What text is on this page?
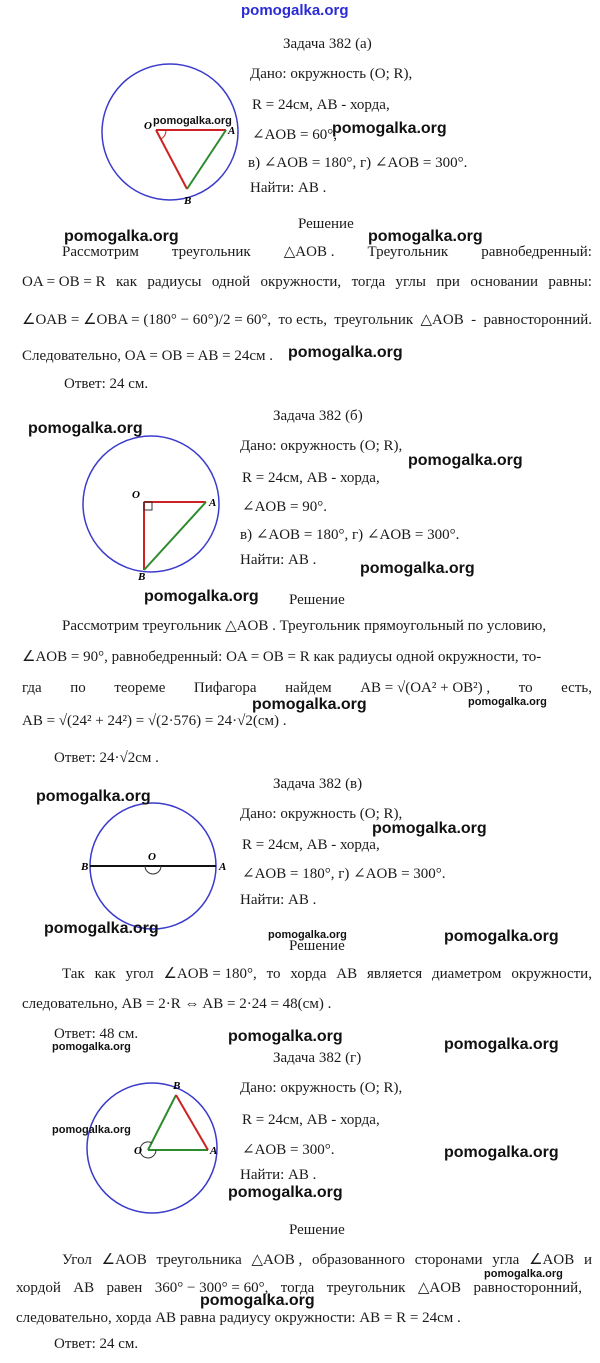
pomogalka.org
Задача 382 (а)
O	A
B
Дано: окружность (O; R),
R = 24см, AB - хорда,
∠AOB = 60°,
в) ∠AOB = 180°, г) ∠AOB = 300°.
Найти: AB .
Решение
Рассмотрим треугольник △AOB . Треугольник равнобедренный:
OA = OB = R как радиусы одной окружности, тогда углы при основании равны:
∠OAB = ∠OBA = (180° − 60°)/2 = 60°, то есть, треугольник △AOB - равносторонний.
Следовательно, OA = OB = AB = 24см .
Ответ: 24 см.
Задача 382 (б)
O
A
B
Дано: окружность (O; R),
R = 24см, AB - хорда,
∠AOB = 90°.
в) ∠AOB = 180°, г) ∠AOB = 300°.
Найти: AB .
Решение
Рассмотрим треугольник △AOB . Треугольник прямоугольный по условию,
∠AOB = 90°, равнобедренный: OA = OB = R как радиусы одной окружности, то-
гда по теореме Пифагора найдем AB = √(OA² + OB²) , то есть,
AB = √(24² + 24²) = √(2·576) = 24·√2(см) .
Ответ: 24·√2см .
Задача 382 (в)
O
B	A
Дано: окружность (O; R),
R = 24см, AB - хорда,
∠AOB = 180°, г) ∠AOB = 300°.
Найти: AB .
Решение
Так как угол ∠AOB = 180°, то хорда AB является диаметром окружности,
следовательно, AB = 2·R ⇔ AB = 2·24 = 48(см) .
Ответ: 48 см.
Задача 382 (г)
O	A
B	Дано: окружность (O; R),
R = 24см, AB - хорда,
∠AOB = 300°.
Найти: AB .
Решение
Угол ∠AOB треугольника △AOB , образованного сторонами угла ∠AOB и
хордой AB равен 360° − 300° = 60°, тогда треугольник △AOB равносторонний,
следовательно, хорда AB равна радиусу окружности: AB = R = 24см .
Ответ: 24 см.
pomogalka.org	pomogalka.org
pomogalka.org	pomogalka.org
pomogalka.org
pomogalka.org
pomogalka.org
pomogalka.org
pomogalka.org
pomogalka.org	pomogalka.org
pomogalka.org
pomogalka.org
pomogalka.org	pomogalka.org	pomogalka.org
pomogalka.org
pomogalka.org	pomogalka.org
pomogalka.org
pomogalka.org
pomogalka.org
pomogalka.org
pomogalka.org
